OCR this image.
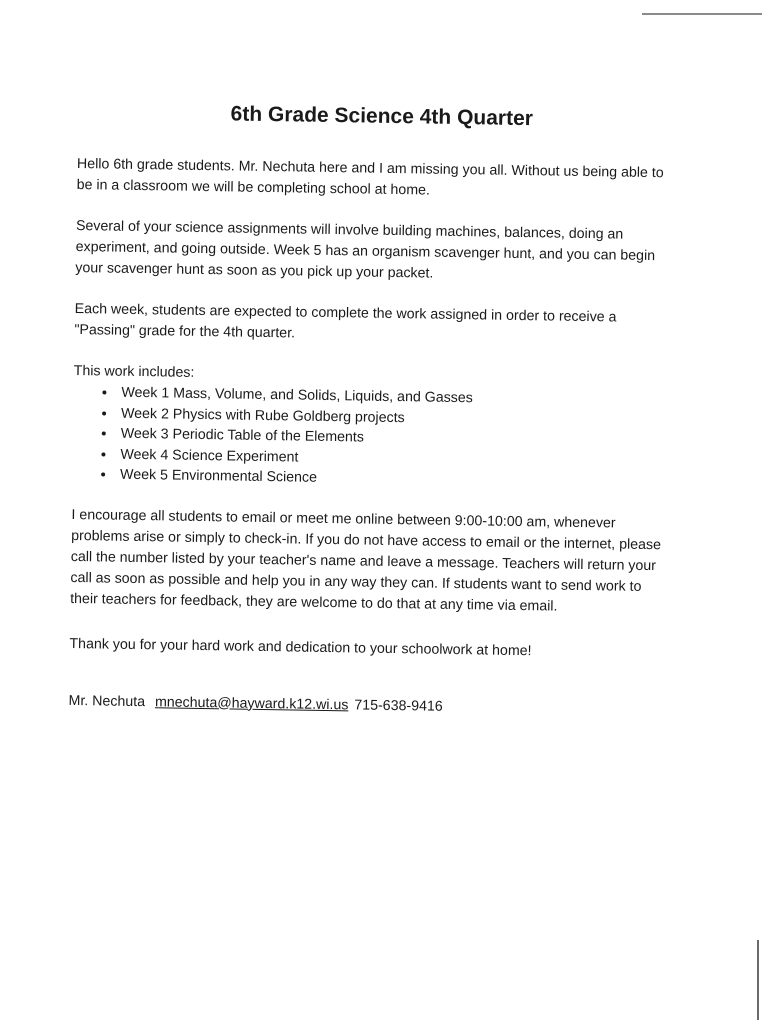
6th Grade Science 4th Quarter

Hello 6th grade students. Mr. Nechuta here and I am missing you all. Without us being able to be in a classroom we will be completing school at home.

Several of your science assignments will involve building machines, balances, doing an experiment, and going outside. Week 5 has an organism scavenger hunt, and you can begin your scavenger hunt as soon as you pick up your packet.

Each week, students are expected to complete the work assigned in order to receive a "Passing" grade for the 4th quarter.

This work includes:

• Week 1 Mass, Volume, and Solids, Liquids, and Gasses
• Week 2 Physics with Rube Goldberg projects
• Week 3 Periodic Table of the Elements
• Week 4 Science Experiment
• Week 5 Environmental Science

I encourage all students to email or meet me online between 9:00-10:00 am, whenever problems arise or simply to check-in. If you do not have access to email or the internet, please call the number listed by your teacher's name and leave a message. Teachers will return your call as soon as possible and help you in any way they can. If students want to send work to their teachers for feedback, they are welcome to do that at any time via email.

Thank you for your hard work and dedication to your schoolwork at home!

Mr. Nechuta mnechuta@hayward.k12.wi.us 715-638-9416
